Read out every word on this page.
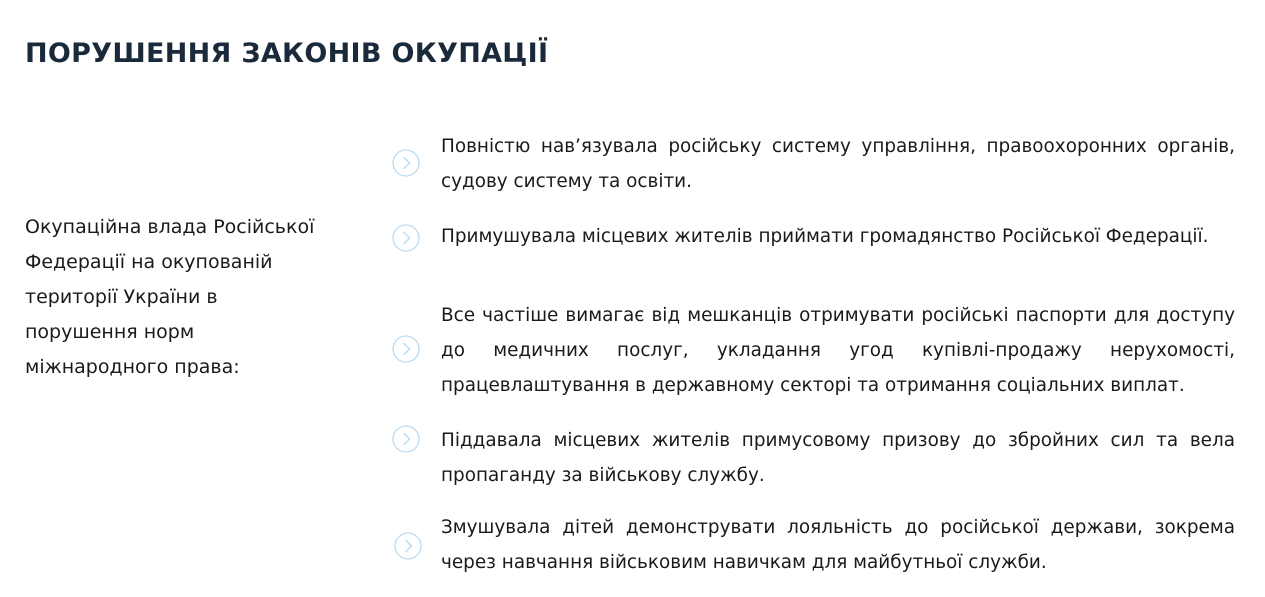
ПОРУШЕННЯ ЗАКОНІВ ОКУПАЦІЇ

Окупаційна влада Російської Федерації на окупованій території України в порушення норм міжнародного права:

Повністю нав’язувала російську систему управління, правоохоронних органів, судову систему та освіти.
Примушувала місцевих жителів приймати громадянство Російської Федерації.
Все частіше вимагає від мешканців отримувати російські паспорти для доступу до медичних послуг, укладання угод купівлі-продажу нерухомості, працевлаштування в державному секторі та отримання соціальних виплат.
Піддавала місцевих жителів примусовому призову до збройних сил та вела пропаганду за військову службу.
Змушувала дітей демонструвати лояльність до російської держави, зокрема через навчання військовим навичкам для майбутньої служби.
